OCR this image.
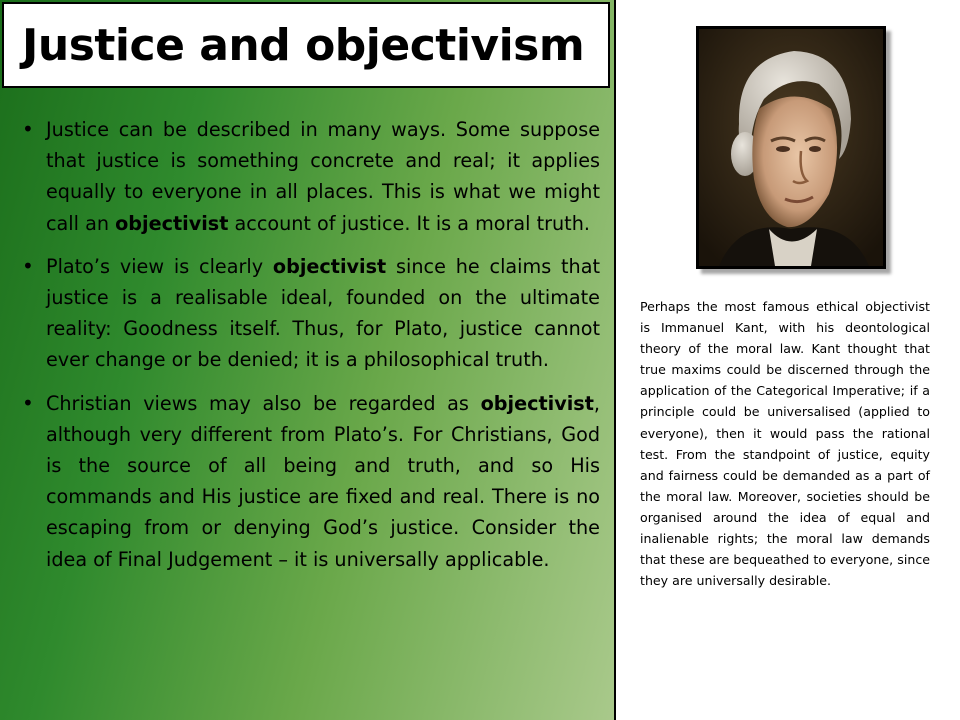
Justice and objectivism
• Justice can be described in many ways. Some suppose that justice is something concrete and real; it applies equally to everyone in all places. This is what we might call an objectivist account of justice. It is a moral truth.

• Plato’s view is clearly objectivist since he claims that justice is a realisable ideal, founded on the ultimate reality: Goodness itself. Thus, for Plato, justice cannot ever change or be denied; it is a philosophical truth.

• Christian views may also be regarded as objectivist, although very different from Plato’s. For Christians, God is the source of all being and truth, and so His commands and His justice are fixed and real. There is no escaping from or denying God’s justice. Consider the idea of Final Judgement – it is universally applicable.

Perhaps the most famous ethical objectivist is Immanuel Kant, with his deontological theory of the moral law. Kant thought that true maxims could be discerned through the application of the Categorical Imperative; if a principle could be universalised (applied to everyone), then it would pass the rational test. From the standpoint of justice, equity and fairness could be demanded as a part of the moral law. Moreover, societies should be organised around the idea of equal and inalienable rights; the moral law demands that these are bequeathed to everyone, since they are universally desirable.
